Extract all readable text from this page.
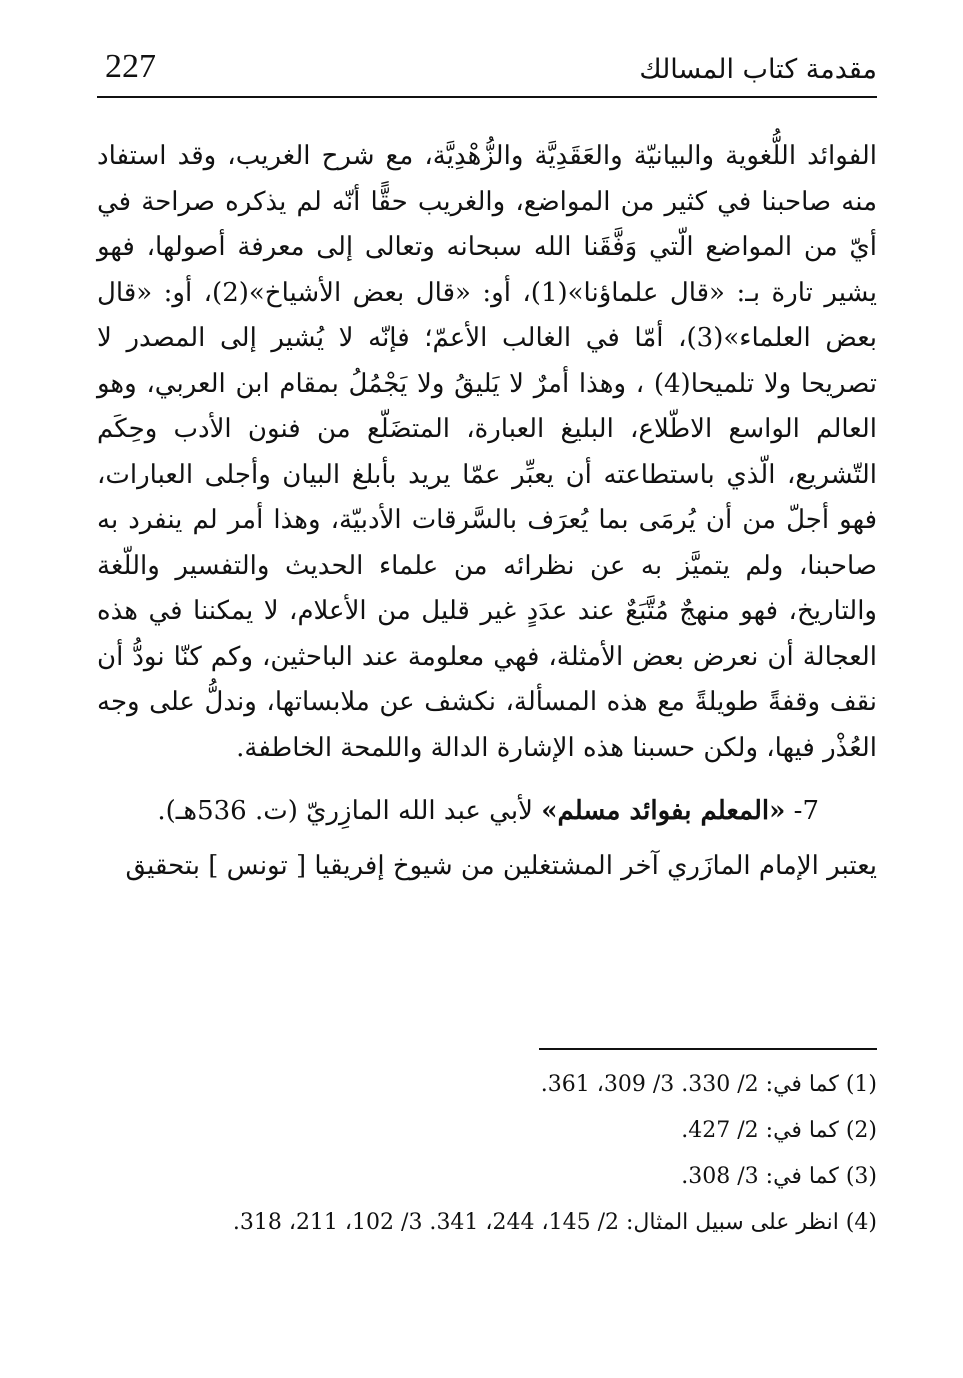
227	مقدمة كتاب المسالك

الفوائد اللُّغوية والبيانيّة والعَقَدِيَّة والزُّهْدِيَّة، مع شرح الغريب، وقد استفاد منه صاحبنا في كثير من المواضع، والغريب حقًّا أنّه لم يذكره صراحة في أيّ من المواضع الّتي وَفَّقَنا الله سبحانه وتعالى إلى معرفة أصولها، فهو يشير تارة بـ: «قال علماؤنا»(1)، أو: «قال بعض الأشياخ»(2)، أو: «قال بعض العلماء»(3)، أمّا في الغالب الأعمّ؛ فإنّه لا يُشير إلى المصدر لا تصريحا ولا تلميحا(4) ، وهذا أمرٌ لا يَليقُ ولا يَجْمُلُ بمقام ابن العربي، وهو العالم الواسع الاطّلاع، البليغ العبارة، المتضَلّع من فنون الأدب وحِكَم التّشريع، الّذي باستطاعته أن يعبِّر عمّا يريد بأبلغ البيان وأجلى العبارات، فهو أجلّ من أن يُرمَى بما يُعرَف بالسَّرقات الأدبيّة، وهذا أمر لم ينفرد به صاحبنا، ولم يتميَّز به عن نظرائه من علماء الحديث والتفسير واللّغة والتاريخ، فهو منهجٌ مُتَّبَعٌ عند عدَدٍ غير قليل من الأعلام، لا يمكننا في هذه العجالة أن نعرض بعض الأمثلة، فهي معلومة عند الباحثين، وكم كنّا نودُّ أن نقف وقفةً طويلةً مع هذه المسألة، نكشف عن ملابساتها، وندلُّ على وجه العُذْر فيها، ولكن حسبنا هذه الإشارة الدالة واللمحة الخاطفة.

7- «المعلم بفوائد مسلم» لأبي عبد الله المازِريّ (ت. 536هـ).

يعتبر الإمام المازَري آخر المشتغلين من شيوخ إفريقيا [ تونس ] بتحقيق

(1) كما في: 2/ 330. 3/ 309، 361.
(2) كما في: 2/ 427.
(3) كما في: 3/ 308.
(4) انظر على سبيل المثال: 2/ 145، 244، 341. 3/ 102، 211، 318.
